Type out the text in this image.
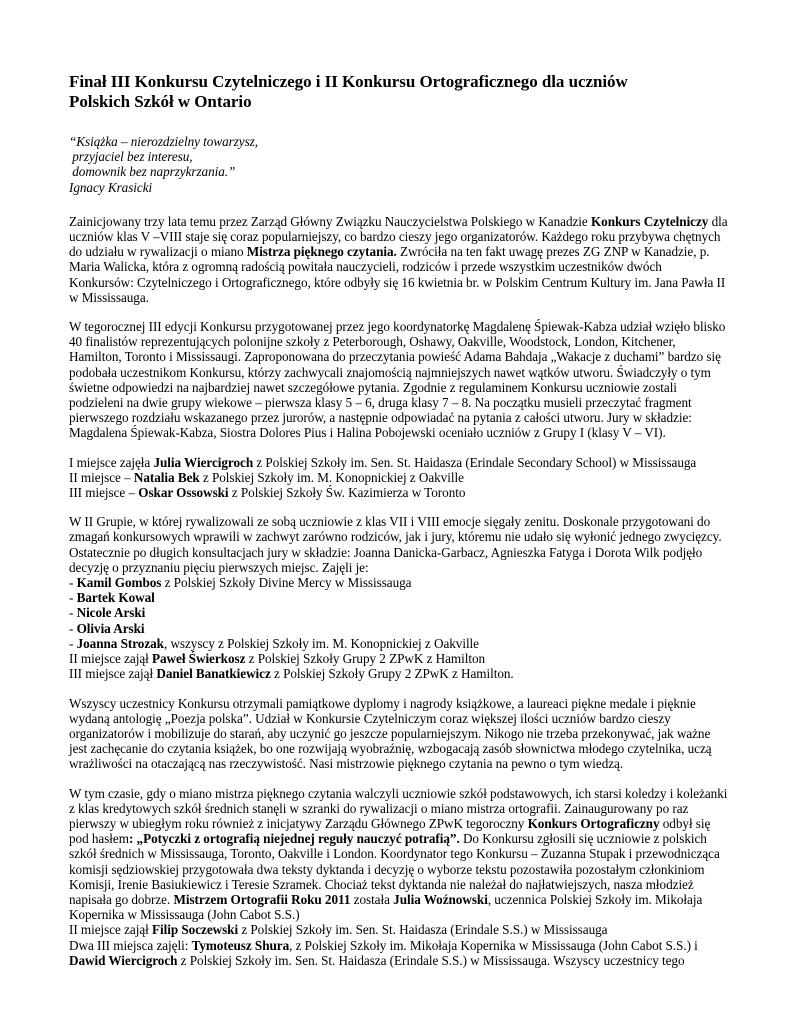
Finał III Konkursu Czytelniczego i II Konkursu Ortograficznego dla uczniów
Polskich Szkół w Ontario
“Książka – nierozdzielny towarzysz,
przyjaciel bez interesu,
domownik bez naprzykrzania.”
Ignacy Krasicki

Zainicjowany trzy lata temu przez Zarząd Główny Związku Nauczycielstwa Polskiego w Kanadzie Konkurs Czytelniczy dla
uczniów klas V –VIII staje się coraz popularniejszy, co bardzo cieszy jego organizatorów. Każdego roku przybywa chętnych
do udziału w rywalizacji o miano Mistrza pięknego czytania. Zwróciła na ten fakt uwagę prezes ZG ZNP w Kanadzie, p.
Maria Walicka, która z ogromną radością powitała nauczycieli, rodziców i przede wszystkim uczestników dwóch
Konkursów: Czytelniczego i Ortograficznego, które odbyły się 16 kwietnia br. w Polskim Centrum Kultury im. Jana Pawła II
w Mississauga.

W tegorocznej III edycji Konkursu przygotowanej przez jego koordynatorkę Magdalenę Śpiewak-Kabza udział wzięło blisko
40 finalistów reprezentujących polonijne szkoły z Peterborough, Oshawy, Oakville, Woodstock, London, Kitchener,
Hamilton, Toronto i Mississaugi. Zaproponowana do przeczytania powieść Adama Bahdaja „Wakacje z duchami” bardzo się
podobała uczestnikom Konkursu, którzy zachwycali znajomością najmniejszych nawet wątków utworu. Świadczyły o tym
świetne odpowiedzi na najbardziej nawet szczegółowe pytania. Zgodnie z regulaminem Konkursu uczniowie zostali
podzieleni na dwie grupy wiekowe – pierwsza klasy 5 – 6, druga klasy 7 – 8. Na początku musieli przeczytać fragment
pierwszego rozdziału wskazanego przez jurorów, a następnie odpowiadać na pytania z całości utworu. Jury w składzie:
Magdalena Śpiewak-Kabza, Siostra Dolores Pius i Halina Pobojewski oceniało uczniów z Grupy I (klasy V – VI).

I miejsce zajęła Julia Wiercigroch z Polskiej Szkoły im. Sen. St. Haidasza (Erindale Secondary School) w Mississauga
II miejsce – Natalia Bek z Polskiej Szkoły im. M. Konopnickiej z Oakville
III miejsce – Oskar Ossowski z Polskiej Szkoły Św. Kazimierza w Toronto

W II Grupie, w której rywalizowali ze sobą uczniowie z klas VII i VIII emocje sięgały zenitu. Doskonale przygotowani do
zmagań konkursowych wprawili w zachwyt zarówno rodziców, jak i jury, któremu nie udało się wyłonić jednego zwycięzcy.
Ostatecznie po długich konsultacjach jury w składzie: Joanna Danicka-Garbacz, Agnieszka Fatyga i Dorota Wilk podjęło
decyzję o przyznaniu pięciu pierwszych miejsc. Zajęli je:
- Kamil Gombos z Polskiej Szkoły Divine Mercy w Mississauga
- Bartek Kowal
- Nicole Arski
- Olivia Arski
- Joanna Strozak, wszyscy z Polskiej Szkoły im. M. Konopnickiej z Oakville
II miejsce zajął Paweł Świerkosz z Polskiej Szkoły Grupy 2 ZPwK z Hamilton
III miejsce zajął Daniel Banatkiewicz z Polskiej Szkoły Grupy 2 ZPwK z Hamilton.

Wszyscy uczestnicy Konkursu otrzymali pamiątkowe dyplomy i nagrody książkowe, a laureaci piękne medale i pięknie
wydaną antologię „Poezja polska”. Udział w Konkursie Czytelniczym coraz większej ilości uczniów bardzo cieszy
organizatorów i mobilizuje do starań, aby uczynić go jeszcze popularniejszym. Nikogo nie trzeba przekonywać, jak ważne
jest zachęcanie do czytania książek, bo one rozwijają wyobraźnię, wzbogacają zasób słownictwa młodego czytelnika, uczą
wrażliwości na otaczającą nas rzeczywistość. Nasi mistrzowie pięknego czytania na pewno o tym wiedzą.

W tym czasie, gdy o miano mistrza pięknego czytania walczyli uczniowie szkół podstawowych, ich starsi koledzy i koleżanki
z klas kredytowych szkół średnich stanęli w szranki do rywalizacji o miano mistrza ortografii. Zainaugurowany po raz
pierwszy w ubiegłym roku również z inicjatywy Zarządu Głównego ZPwK tegoroczny Konkurs Ortograficzny odbył się
pod hasłem: „Potyczki z ortografią niejednej reguły nauczyć potrafią”. Do Konkursu zgłosili się uczniowie z polskich
szkół średnich w Mississauga, Toronto, Oakville i London. Koordynator tego Konkursu – Zuzanna Stupak i przewodnicząca
komisji sędziowskiej przygotowała dwa teksty dyktanda i decyzję o wyborze tekstu pozostawiła pozostałym członkiniom
Komisji, Irenie Basiukiewicz i Teresie Szramek. Chociaż tekst dyktanda nie należał do najłatwiejszych, nasza młodzież
napisała go dobrze. Mistrzem Ortografii Roku 2011 została Julia Woźnowski, uczennica Polskiej Szkoły im. Mikołaja
Kopernika w Mississauga (John Cabot S.S.)
II miejsce zajął Filip Soczewski z Polskiej Szkoły im. Sen. St. Haidasza (Erindale S.S.) w Mississauga
Dwa III miejsca zajęli: Tymoteusz Shura, z Polskiej Szkoły im. Mikołaja Kopernika w Mississauga (John Cabot S.S.) i
Dawid Wiercigroch z Polskiej Szkoły im. Sen. St. Haidasza (Erindale S.S.) w Mississauga. Wszyscy uczestnicy tego
